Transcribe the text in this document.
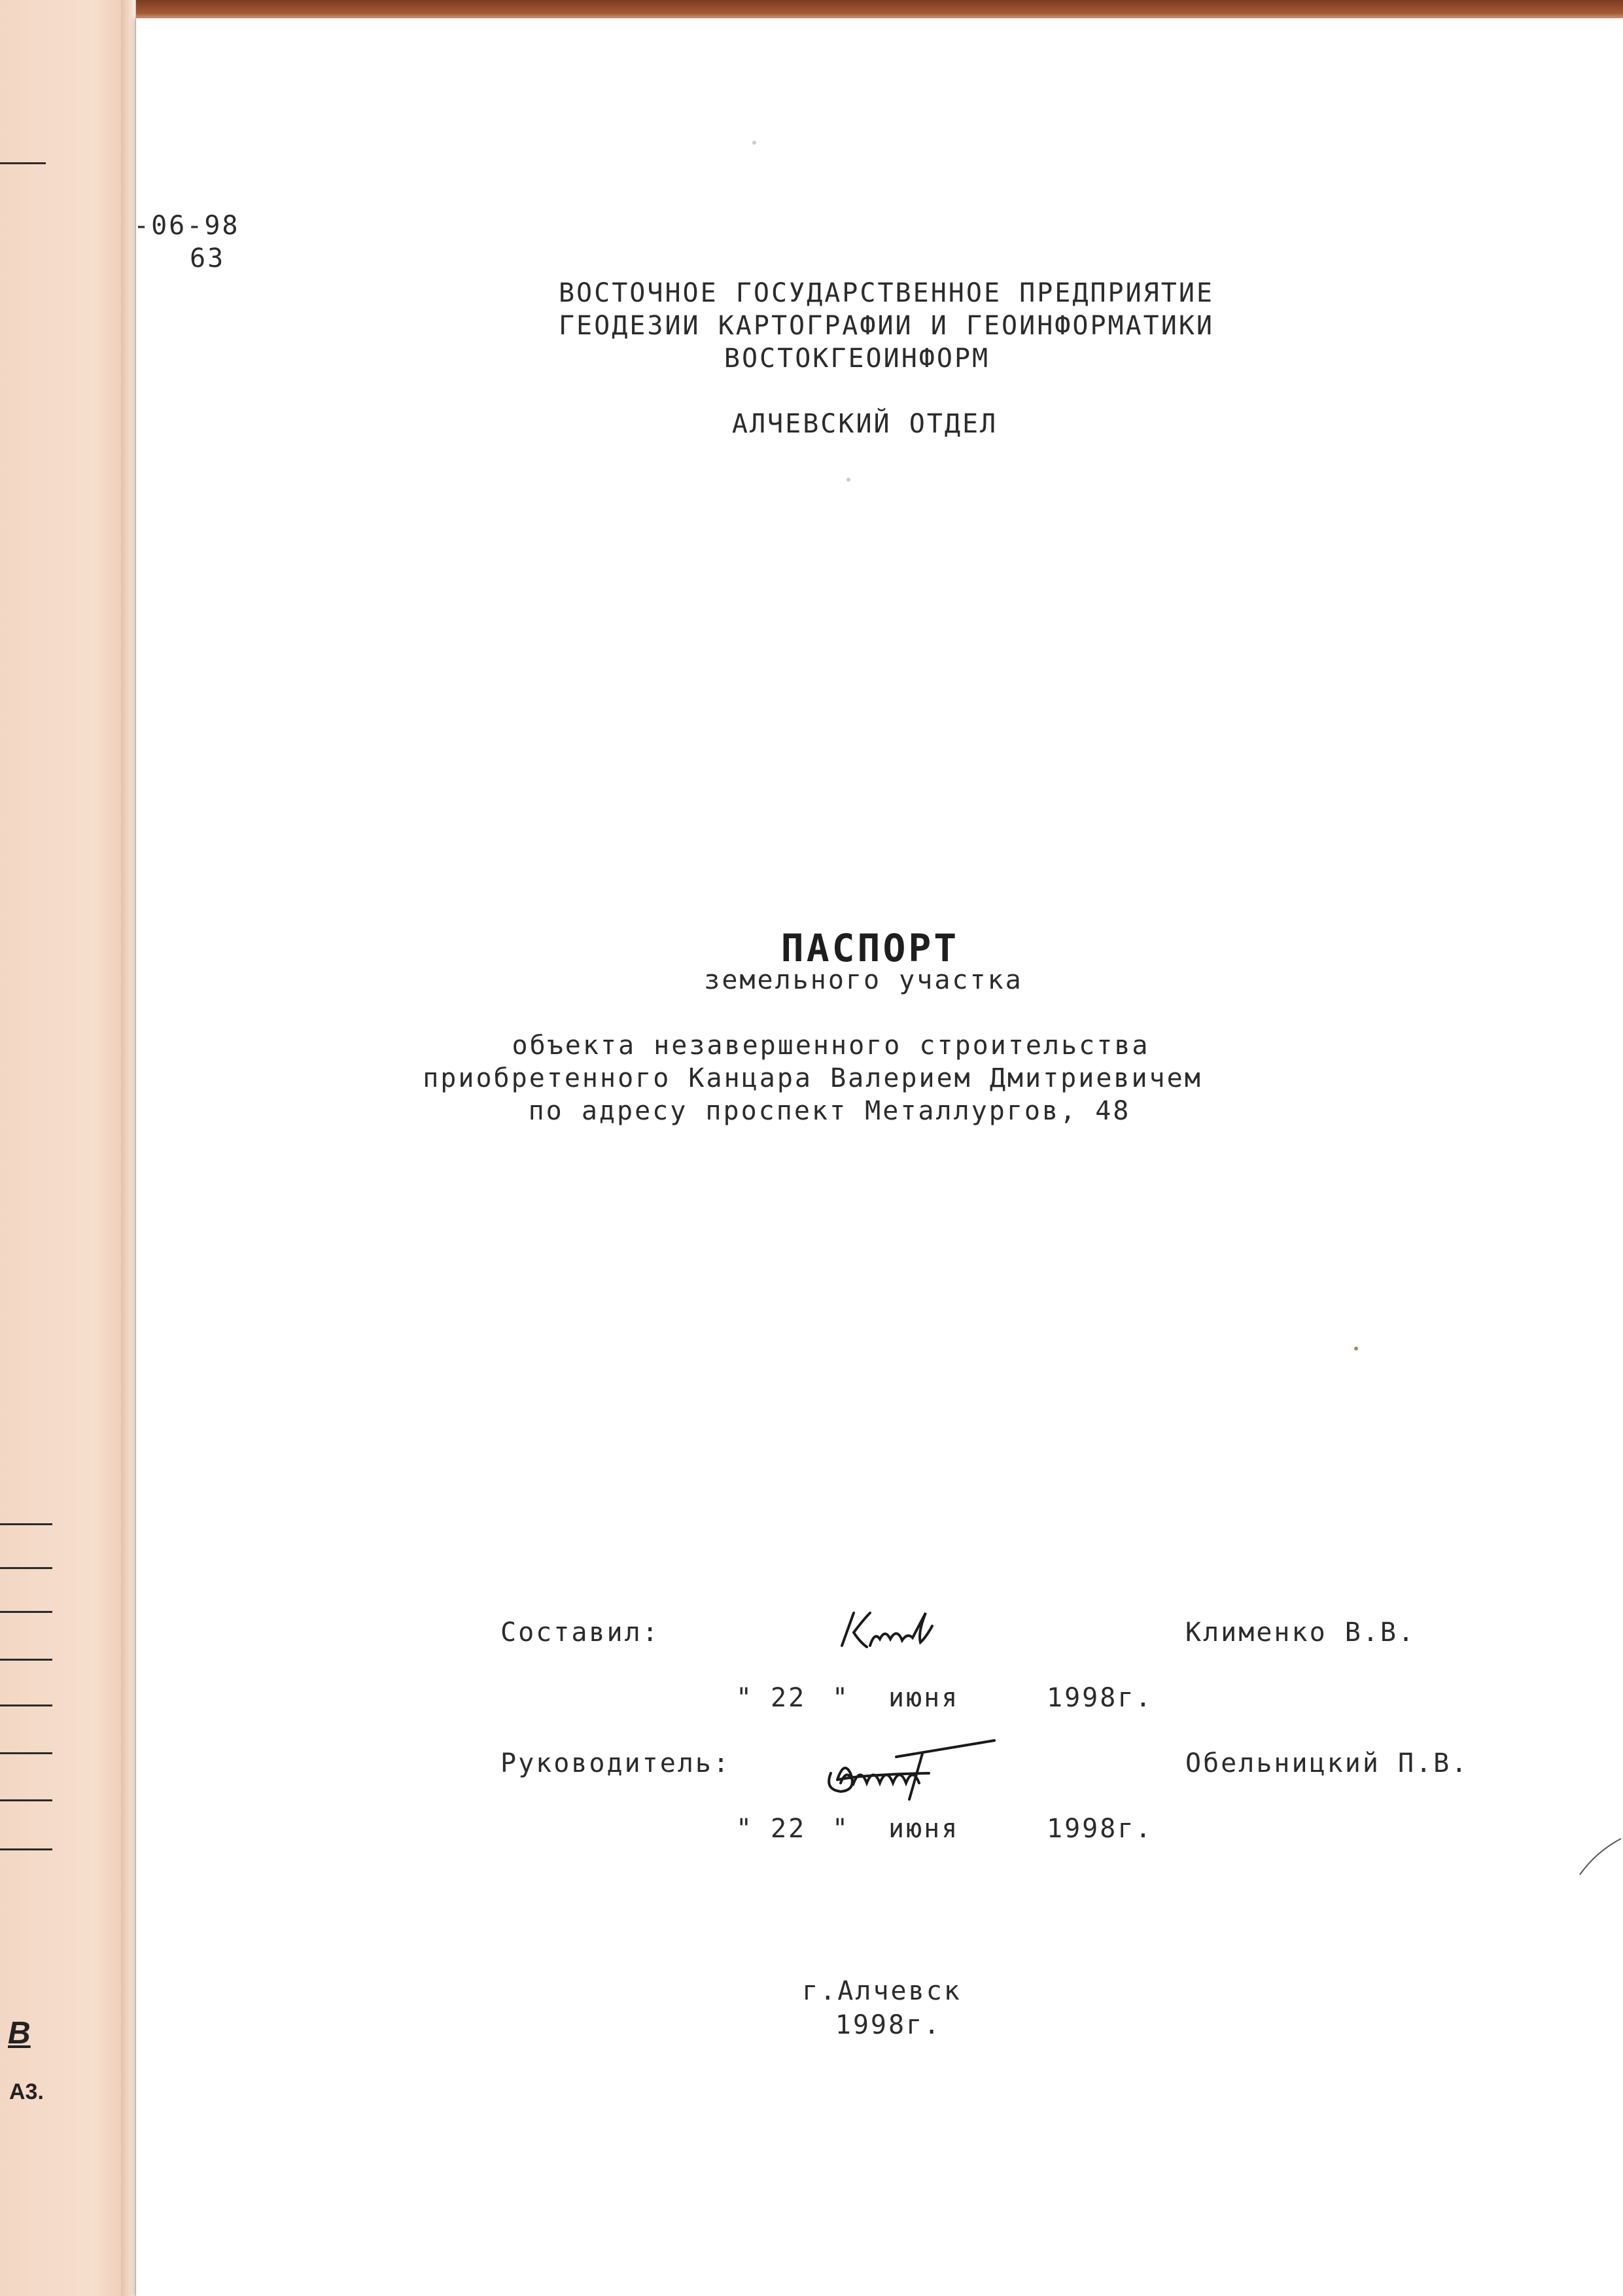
В
А3.
-06-98
63
ВОСТОЧНОЕ ГОСУДАРСТВЕННОЕ ПРЕДПРИЯТИЕ
ГЕОДЕЗИИ КАРТОГРАФИИ И ГЕОИНФОРМАТИКИ
ВОСТОКГЕОИНФОРМ
АЛЧЕВСКИЙ ОТДЕЛ
ПАСПОРТ
земельного участка
объекта незавершенного строительства
приобретенного Канцара Валерием Дмитриевичем
по адресу проспект Металлургов, 48
Составил:	Клименко В.В.
" 22 " июня	1998г.
Руководитель:	Обельницкий П.В.
" 22 " июня	1998г.
г.Алчевск
1998г.
